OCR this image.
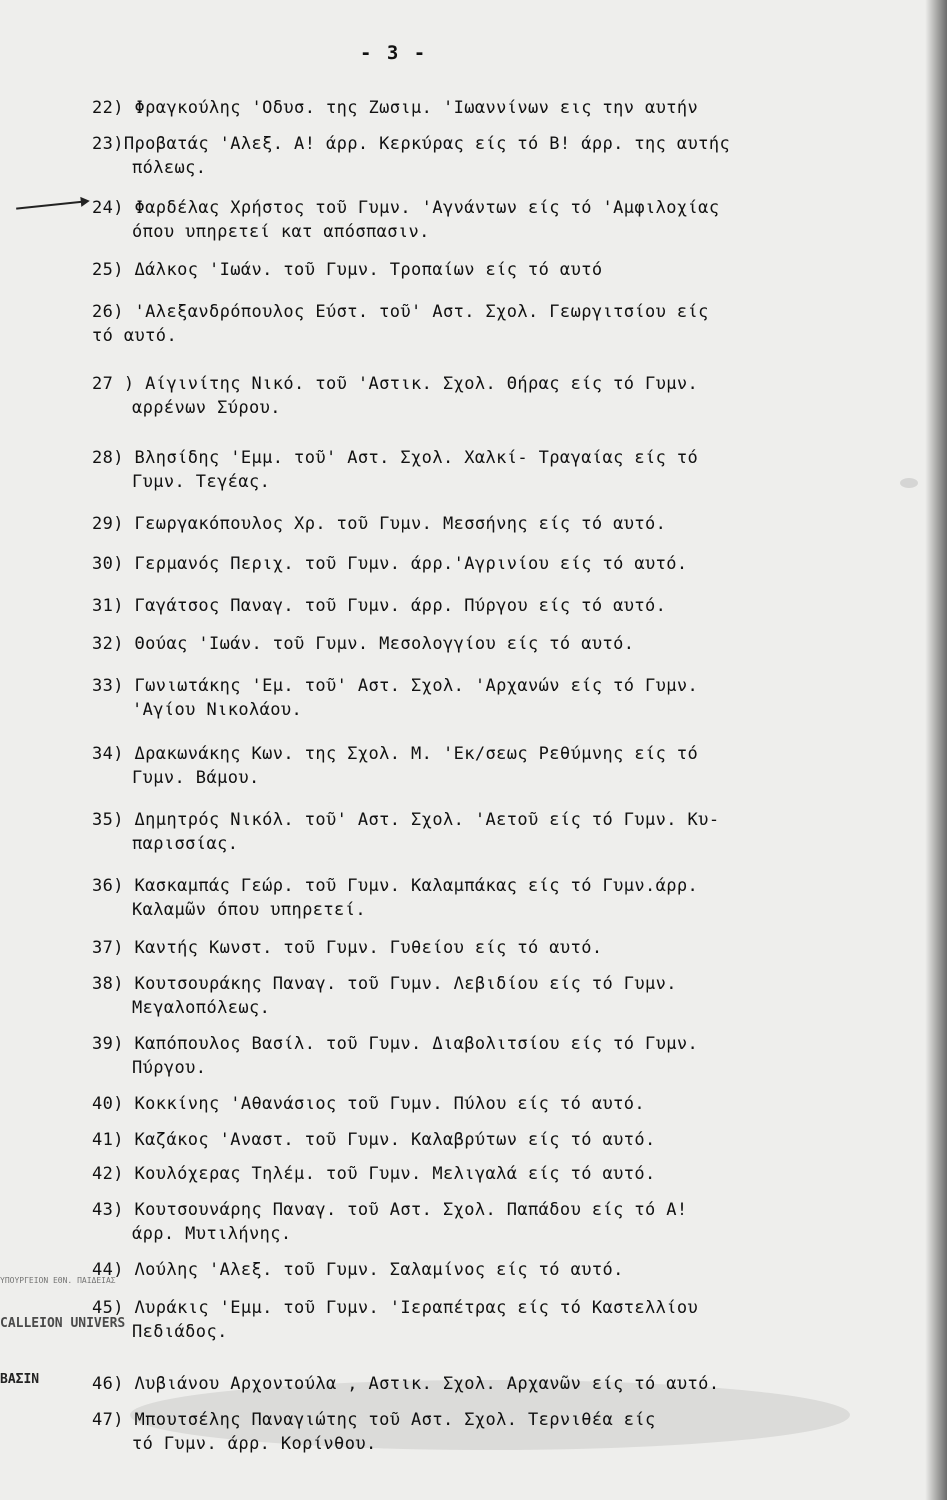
- 3 -
22) Φραγκούλης 'Οδυσ. της Ζωσιμ. 'Ιωαννίνων εις την αυτήν
23)Προβατάς 'Αλεξ. Α! άρρ. Κερκύρας είς τό Β! άρρ. της αυτής
πόλεως.
24) Φαρδέλας Χρήστος τοῦ Γυμν. 'Αγνάντων είς τό 'Αμφιλοχίας
όπου υπηρετεί κατ απόσπασιν.
25) Δάλκος 'Ιωάν. τοῦ Γυμν. Τροπαίων είς τό αυτό
26) 'Αλεξανδρόπουλος Εύστ. τοῦ' Αστ. Σχολ. Γεωργιτσίου είς
τό αυτό.
27 ) Αίγινίτης Νικό. τοῦ 'Αστικ. Σχολ. Θήρας είς τό Γυμν.
αρρένων Σύρου.
28) Βλησίδης 'Εμμ. τοῦ' Αστ. Σχολ. Χαλκί- Τραγαίας είς τό
Γυμν. Τεγέας.
29) Γεωργακόπουλος Χρ. τοῦ Γυμν. Μεσσήνης είς τό αυτό.
30) Γερμανός Περιχ. τοῦ Γυμν. άρρ.'Αγρινίου είς τό αυτό.
31) Γαγάτσος Παναγ. τοῦ Γυμν. άρρ. Πύργου είς τό αυτό.
32) Θούας 'Ιωάν. τοῦ Γυμν. Μεσολογγίου είς τό αυτό.
33) Γωνιωτάκης 'Εμ. τοῦ' Αστ. Σχολ. 'Αρχανών είς τό Γυμν.
'Αγίου Νικολάου.
34) Δρακωνάκης Κων. της Σχολ. Μ. 'Εκ/σεως Ρεθύμνης είς τό
Γυμν. Βάμου.
35) Δημητρός Νικόλ. τοῦ' Αστ. Σχολ. 'Αετοῦ είς τό Γυμν. Κυ-
παρισσίας.
36) Κασκαμπάς Γεώρ. τοῦ Γυμν. Καλαμπάκας είς τό Γυμν.άρρ.
Καλαμῶν όπου υπηρετεί.
37) Καντής Κωνστ. τοῦ Γυμν. Γυθείου είς τό αυτό.
38) Κουτσουράκης Παναγ. τοῦ Γυμν. Λεβιδίου είς τό Γυμν.
Μεγαλοπόλεως.
39) Καπόπουλος Βασίλ. τοῦ Γυμν. Διαβολιτσίου είς τό Γυμν.
Πύργου.
40) Κοκκίνης 'Αθανάσιος τοῦ Γυμν. Πύλου είς τό αυτό.
41) Καζάκος 'Αναστ. τοῦ Γυμν. Καλαβρύτων είς τό αυτό.
42) Κουλόχερας Τηλέμ. τοῦ Γυμν. Μελιγαλά είς τό αυτό.
43) Κουτσουνάρης Παναγ. τοῦ Αστ. Σχολ. Παπάδου είς τό Α!
άρρ. Μυτιλήνης.
44) Λούλης 'Αλεξ. τοῦ Γυμν. Σαλαμίνος είς τό αυτό.
45) Λυράκις 'Εμμ. τοῦ Γυμν. 'Ιεραπέτρας είς τό Καστελλίου
Πεδιάδος.
46) Λυβιάνου Αρχοντούλα , Αστικ. Σχολ. Αρχανῶν είς τό αυτό.
47) Μπουτσέλης Παναγιώτης τοῦ Αστ. Σχολ. Τερνιθέα είς
τό Γυμν. άρρ. Κορίνθου.
ΥΠΟΥΡΓΕΙΟΝ ΕΘΝ. ΠΑΙΔΕΙΑΣ
CALLEION UNIVERS
ΒΑΣΙΝ
